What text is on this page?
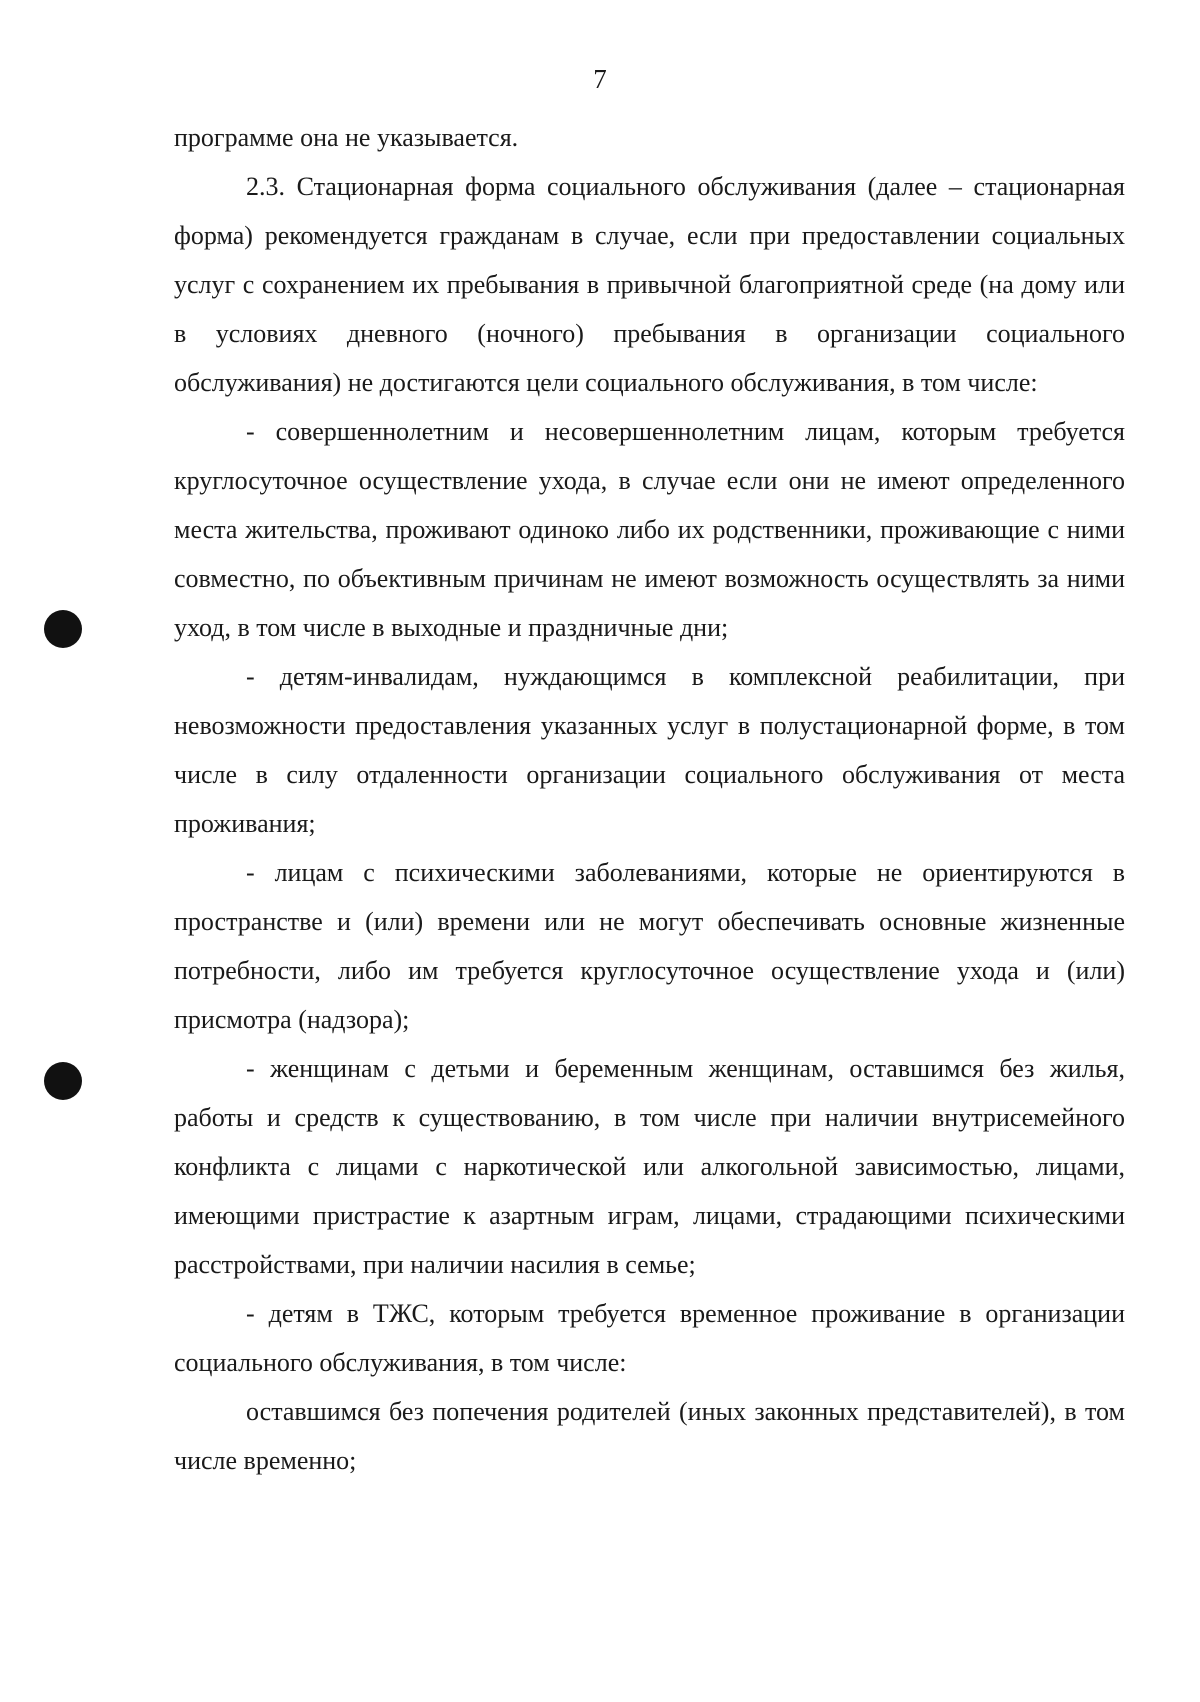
7

программе она не указывается.

2.3. Стационарная форма социального обслуживания (далее – стационарная форма) рекомендуется гражданам в случае, если при предоставлении социальных услуг с сохранением их пребывания в привычной благоприятной среде (на дому или в условиях дневного (ночного) пребывания в организации социального обслуживания) не достигаются цели социального обслуживания, в том числе:

- совершеннолетним и несовершеннолетним лицам, которым требуется круглосуточное осуществление ухода, в случае если они не имеют определенного места жительства, проживают одиноко либо их родственники, проживающие с ними совместно, по объективным причинам не имеют возможность осуществлять за ними уход, в том числе в выходные и праздничные дни;

- детям-инвалидам, нуждающимся в комплексной реабилитации, при невозможности предоставления указанных услуг в полустационарной форме, в том числе в силу отдаленности организации социального обслуживания от места проживания;

- лицам с психическими заболеваниями, которые не ориентируются в пространстве и (или) времени или не могут обеспечивать основные жизненные потребности, либо им требуется круглосуточное осуществление ухода и (или) присмотра (надзора);

- женщинам с детьми и беременным женщинам, оставшимся без жилья, работы и средств к существованию, в том числе при наличии внутрисемейного конфликта с лицами с наркотической или алкогольной зависимостью, лицами, имеющими пристрастие к азартным играм, лицами, страдающими психическими расстройствами, при наличии насилия в семье;

- детям в ТЖС, которым требуется временное проживание в организации социального обслуживания, в том числе:

оставшимся без попечения родителей (иных законных представителей), в том числе временно;
